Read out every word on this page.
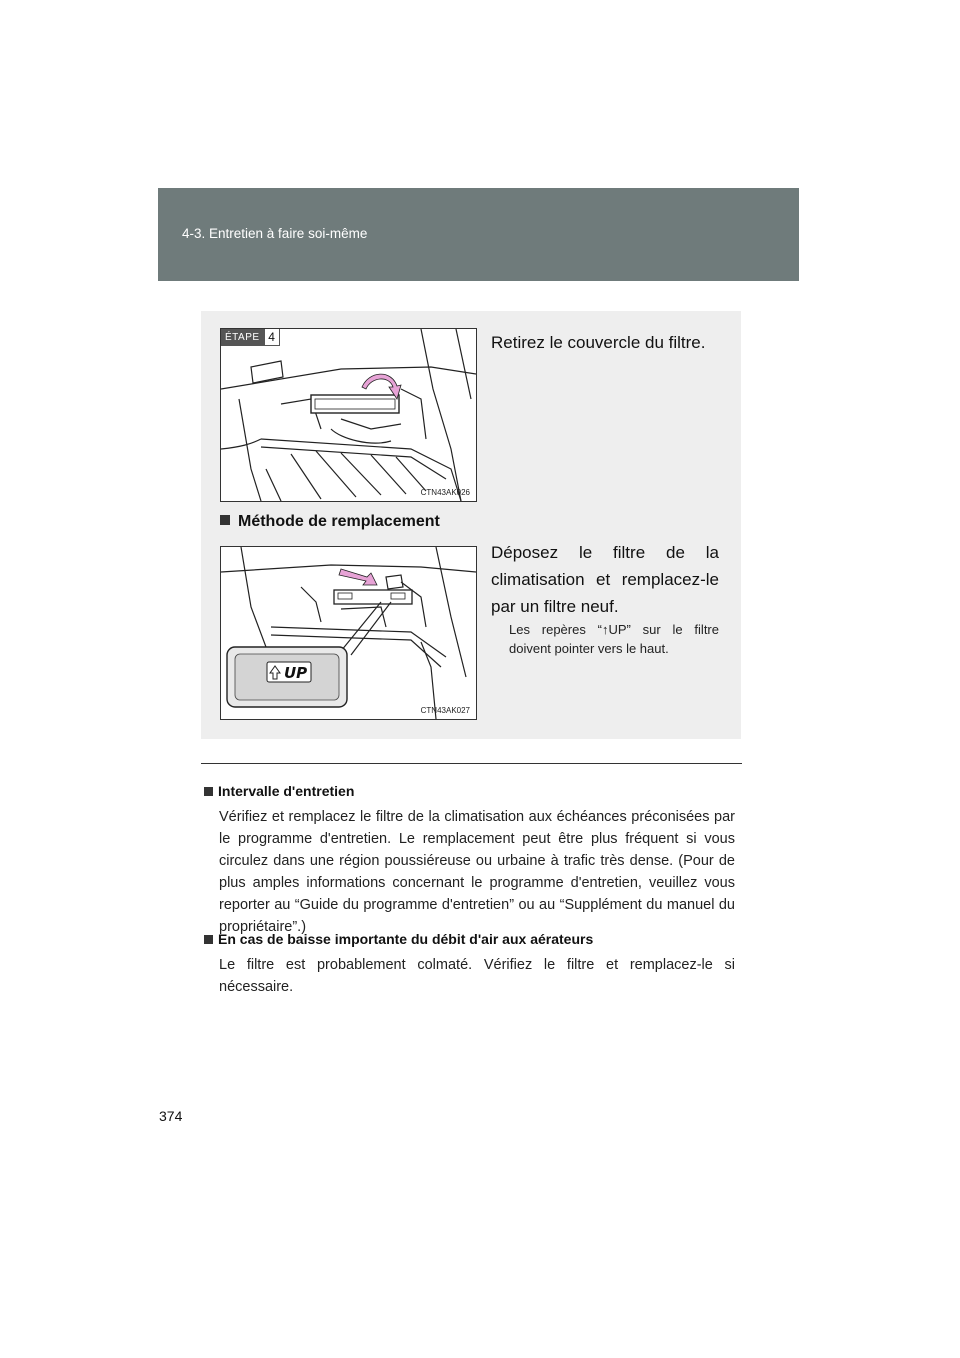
4-3. Entretien à faire soi-même
ÉTAPE 4
CTN43AK026
Retirez le couvercle du filtre.
Méthode de remplacement
UP
CTN43AK027
Déposez le filtre de la climatisation et remplacez-le par un filtre neuf.
Les repères “↑UP” sur le filtre doivent pointer vers le haut.
Intervalle d'entretien
Vérifiez et remplacez le filtre de la climatisation aux échéances préconisées par le programme d'entretien. Le remplacement peut être plus fréquent si vous circulez dans une région poussiéreuse ou urbaine à trafic très dense. (Pour de plus amples informations concernant le programme d'entretien, veuillez vous reporter au “Guide du programme d'entretien” ou au “Supplément du manuel du propriétaire”.)
En cas de baisse importante du débit d'air aux aérateurs
Le filtre est probablement colmaté. Vérifiez le filtre et remplacez-le si nécessaire.
374
